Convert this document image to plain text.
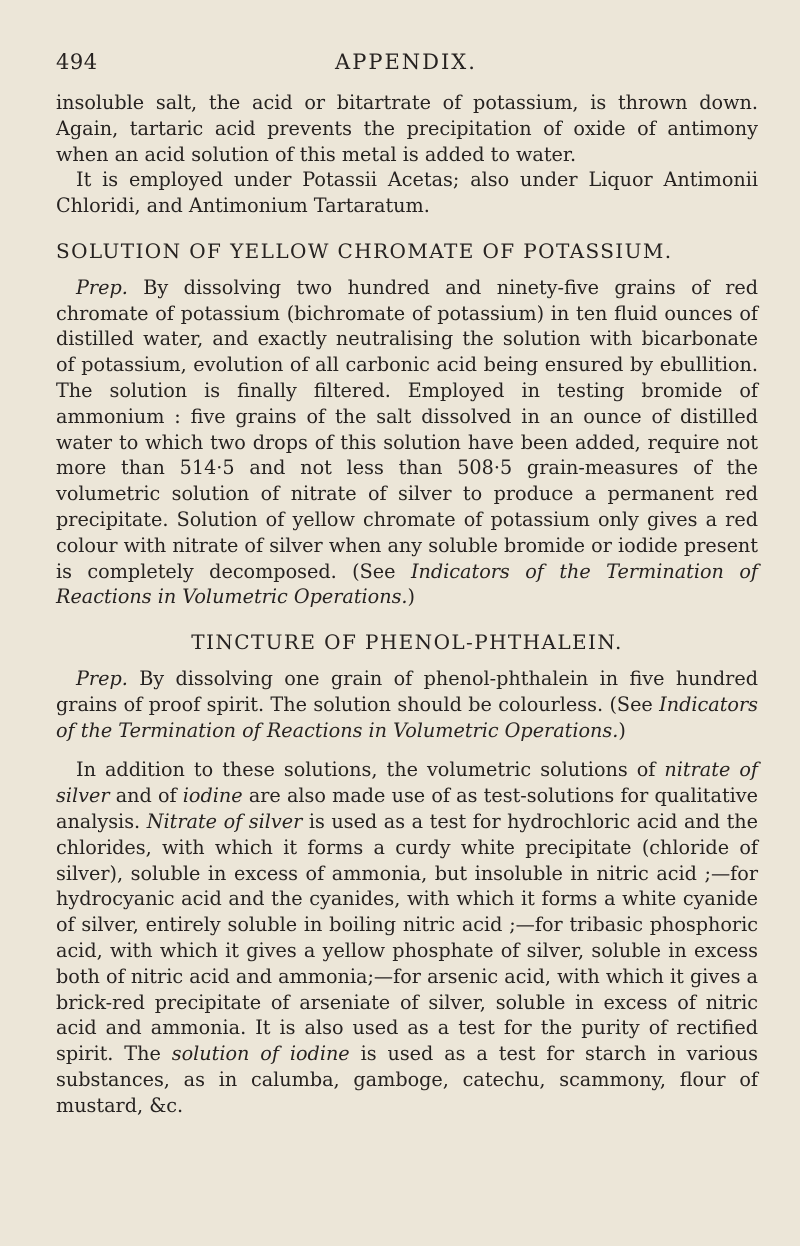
494	APPENDIX.

insoluble salt, the acid or bitartrate of potassium, is thrown down. Again, tartaric acid prevents the precipitation of oxide of antimony when an acid solution of this metal is added to water.

It is employed under Potassii Acetas; also under Liquor Antimonii Chloridi, and Antimonium Tartaratum.

SOLUTION OF YELLOW CHROMATE OF POTASSIUM.

Prep. By dissolving two hundred and ninety-five grains of red chromate of potassium (bichromate of potassium) in ten fluid ounces of distilled water, and exactly neutralising the solution with bicarbonate of potassium, evolution of all carbonic acid being ensured by ebullition. The solution is finally filtered. Employed in testing bromide of ammonium : five grains of the salt dissolved in an ounce of distilled water to which two drops of this solution have been added, require not more than 514·5 and not less than 508·5 grain-measures of the volumetric solution of nitrate of silver to produce a permanent red precipitate. Solution of yellow chromate of potassium only gives a red colour with nitrate of silver when any soluble bromide or iodide present is completely decomposed. (See Indicators of the Termination of Reactions in Volumetric Operations.)

TINCTURE OF PHENOL-PHTHALEIN.

Prep. By dissolving one grain of phenol-phthalein in five hundred grains of proof spirit. The solution should be colourless. (See Indicators of the Termination of Reactions in Volumetric Operations.)

In addition to these solutions, the volumetric solutions of nitrate of silver and of iodine are also made use of as test-solutions for qualitative analysis. Nitrate of silver is used as a test for hydrochloric acid and the chlorides, with which it forms a curdy white precipitate (chloride of silver), soluble in excess of ammonia, but insoluble in nitric acid ;—for hydrocyanic acid and the cyanides, with which it forms a white cyanide of silver, entirely soluble in boiling nitric acid ;—for tribasic phosphoric acid, with which it gives a yellow phosphate of silver, soluble in excess both of nitric acid and ammonia;—for arsenic acid, with which it gives a brick-red precipitate of arseniate of silver, soluble in excess of nitric acid and ammonia. It is also used as a test for the purity of rectified spirit. The solution of iodine is used as a test for starch in various substances, as in calumba, gamboge, catechu, scammony, flour of mustard, &c.
